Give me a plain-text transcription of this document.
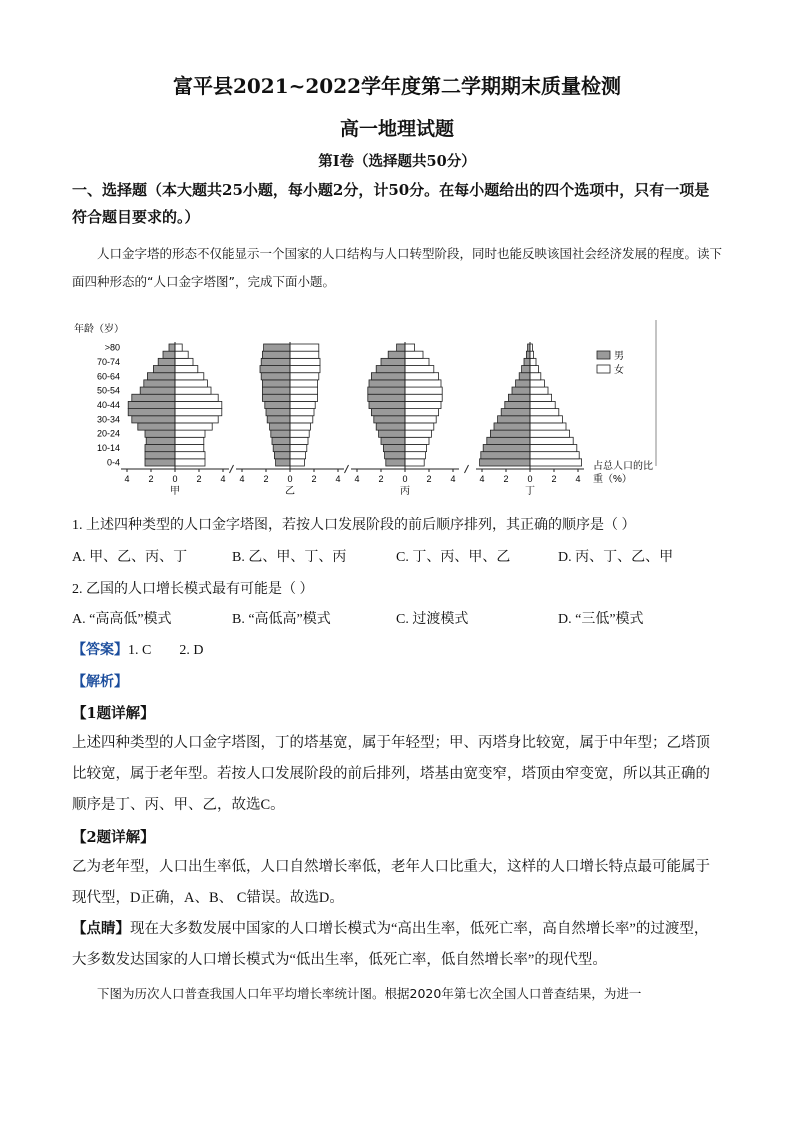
富平县2021~2022学年度第二学期期末质量检测
高一地理试题
第Ⅰ卷（选择题共50分）
一、选择题（本大题共25小题，每小题2分，计50分。在每小题给出的四个选项中，只有一项是符合题目要求的。）
人口金字塔的形态不仅能显示一个国家的人口结构与人口转型阶段，同时也能反映该国社会经济发展的程度。读下面四种形态的“人口金字塔图”，完成下面小题。
年龄（岁）
>80
70-74
60-64
50-54
40-44
30-34
20-24
10-14
0-4
4 2 0 2 4
甲
4 2 0 2 4
乙
4 2 0 2 4
丙
4 2 0 2 4
丁
男
女
占总人口的比 重（%）
1. 上述四种类型的人口金字塔图，若按人口发展阶段的前后顺序排列，其正确的顺序是（ ）
A. 甲、乙、丙、丁	B. 乙、甲、丁、丙	C. 丁、丙、甲、乙	D. 丙、丁、乙、甲
2. 乙国的人口增长模式最有可能是（ ）
A. “高高低”模式	B. “高低高”模式	C. 过渡模式	D. “三低”模式
【答案】1. C        2. D
【解析】
【1题详解】
上述四种类型的人口金字塔图，丁的塔基宽，属于年轻型；甲、丙塔身比较宽，属于中年型；乙塔顶比较宽，属于老年型。若按人口发展阶段的前后排列，塔基由宽变窄，塔顶由窄变宽，所以其正确的顺序是丁、丙、甲、乙，故选C。
【2题详解】
乙为老年型，人口出生率低，人口自然增长率低，老年人口比重大，这样的人口增长特点最可能属于现代型，D正确，A、B、 C错误。故选D。
【点睛】现在大多数发展中国家的人口增长模式为“高出生率，低死亡率，高自然增长率”的过渡型，大多数发达国家的人口增长模式为“低出生率，低死亡率，低自然增长率”的现代型。
下图为历次人口普查我国人口年平均增长率统计图。根据2020年第七次全国人口普查结果，为进一
